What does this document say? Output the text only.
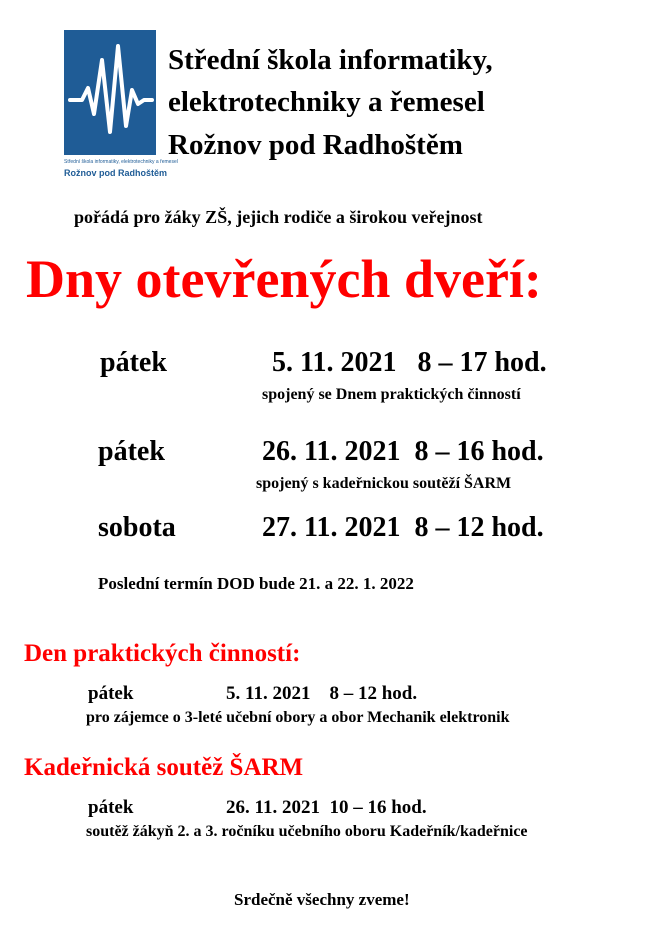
Střední škola informatiky, elektrotechniky a řemesel
Rožnov pod Radhoštěm
Střední škola informatiky,
elektrotechniky a řemesel
Rožnov pod Radhoštěm
pořádá pro žáky ZŠ, jejich rodiče a širokou veřejnost
Dny otevřených dveří:
pátek	5. 11. 2021   8 – 17 hod.
spojený se Dnem praktických činností
pátek	26. 11. 2021  8 – 16 hod.
spojený s kadeřnickou soutěží ŠARM
sobota	27. 11. 2021  8 – 12 hod.
Poslední termín DOD bude 21. a 22. 1. 2022
Den praktických činností:
pátek	5. 11. 2021    8 – 12 hod.
pro zájemce o 3-leté učební obory a obor Mechanik elektronik
Kadeřnická soutěž ŠARM
pátek	26. 11. 2021  10 – 16 hod.
soutěž žákyň 2. a 3. ročníku učebního oboru Kadeřník/kadeřnice
Srdečně všechny zveme!
